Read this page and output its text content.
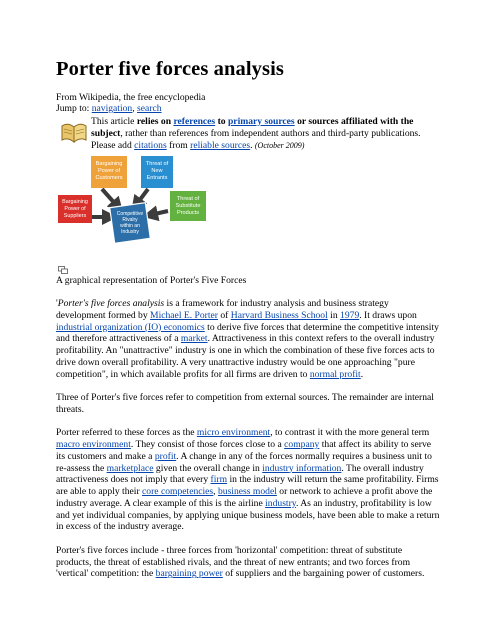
Porter five forces analysis
From Wikipedia, the free encyclopedia
Jump to: navigation, search
This article relies on references to primary sources or sources affiliated with the subject, rather than references from independent authors and third-party publications. Please add citations from reliable sources. (October 2009)
Bargaining
Power of
Customers
Threat of
New
Entrants
Bargaining
Power of
Suppliers
Threat of
Substitute
Products
Competitive
Rivalry
within an
Industry
A graphical representation of Porter's Five Forces

'Porter's five forces analysis is a framework for industry analysis and business strategy development formed by Michael E. Porter of Harvard Business School in 1979. It draws upon industrial organization (IO) economics to derive five forces that determine the competitive intensity and therefore attractiveness of a market. Attractiveness in this context refers to the overall industry profitability. An "unattractive" industry is one in which the combination of these five forces acts to drive down overall profitability. A very unattractive industry would be one approaching "pure competition", in which available profits for all firms are driven to normal profit.

Three of Porter's five forces refer to competition from external sources. The remainder are internal threats.

Porter referred to these forces as the micro environment, to contrast it with the more general term macro environment. They consist of those forces close to a company that affect its ability to serve its customers and make a profit. A change in any of the forces normally requires a business unit to re-assess the marketplace given the overall change in industry information. The overall industry attractiveness does not imply that every firm in the industry will return the same profitability. Firms are able to apply their core competencies, business model or network to achieve a profit above the industry average. A clear example of this is the airline industry. As an industry, profitability is low and yet individual companies, by applying unique business models, have been able to make a return in excess of the industry average.

Porter's five forces include - three forces from 'horizontal' competition: threat of substitute products, the threat of established rivals, and the threat of new entrants; and two forces from 'vertical' competition: the bargaining power of suppliers and the bargaining power of customers.
